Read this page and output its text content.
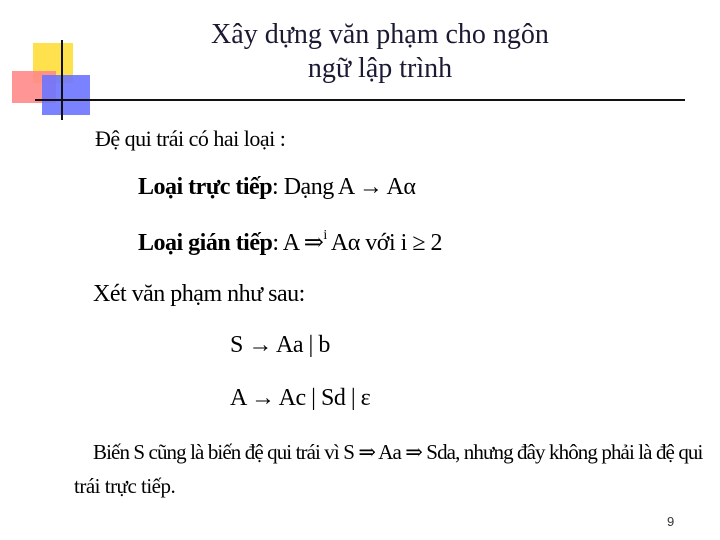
Xây dựng văn phạm cho ngôn
ngữ lập trình
Đệ qui trái có hai loại :
Loại trực tiếp: Dạng A → Aα
Loại gián tiếp: A ⇒$^i$ Aα với i ≥ 2
Xét văn phạm như sau:
S → Aa | b
A → Ac | Sd | ε
Biến S cũng là biến đệ qui trái vì S ⇒ Aa ⇒ Sda, nhưng đây không phải là đệ qui
trái trực tiếp.
9
